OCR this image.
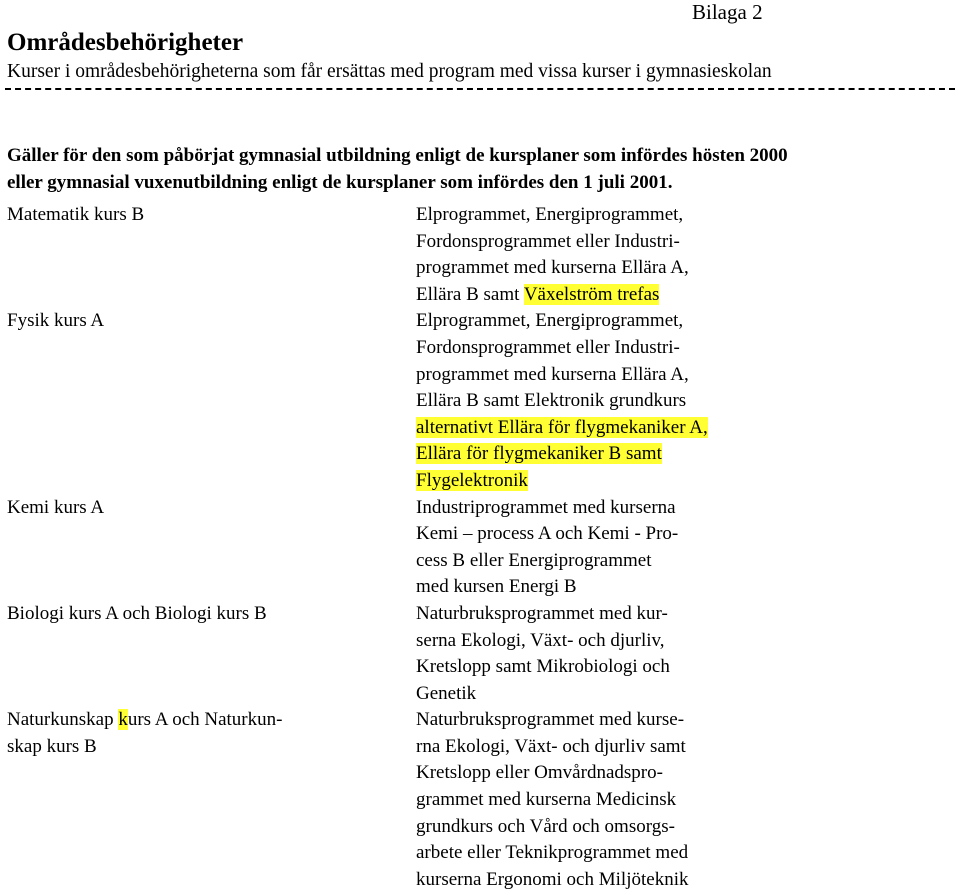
Bilaga 2
Områdesbehörigheter
Kurser i områdesbehörigheterna som får ersättas med program med vissa kurser i gymnasieskolan
Gäller för den som påbörjat gymnasial utbildning enligt de kursplaner som infördes hösten 2000
eller gymnasial vuxenutbildning enligt de kursplaner som infördes den 1 juli 2001.
Matematik kurs B
Fysik kurs A
Kemi kurs A
Biologi kurs A och Biologi kurs B
Naturkunskap kurs A och Naturkun-
skap kurs B
Elprogrammet, Energiprogrammet,
Fordonsprogrammet eller Industri-
programmet med kurserna Ellära A,
Ellära B samt Växelström trefas
Elprogrammet, Energiprogrammet,
Fordonsprogrammet eller Industri-
programmet med kurserna Ellära A,
Ellära B samt Elektronik grundkurs
alternativt Ellära för flygmekaniker A,
Ellära för flygmekaniker B samt
Flygelektronik
Industriprogrammet med kurserna
Kemi – process A och Kemi - Pro-
cess B eller Energiprogrammet
med kursen Energi B
Naturbruksprogrammet med kur-
serna Ekologi, Växt- och djurliv,
Kretslopp samt Mikrobiologi och
Genetik
Naturbruksprogrammet med kurse-
rna Ekologi, Växt- och djurliv samt
Kretslopp eller Omvårdnadspro-
grammet med kurserna Medicinsk
grundkurs och Vård och omsorgs-
arbete eller Teknikprogrammet med
kurserna Ergonomi och Miljöteknik
